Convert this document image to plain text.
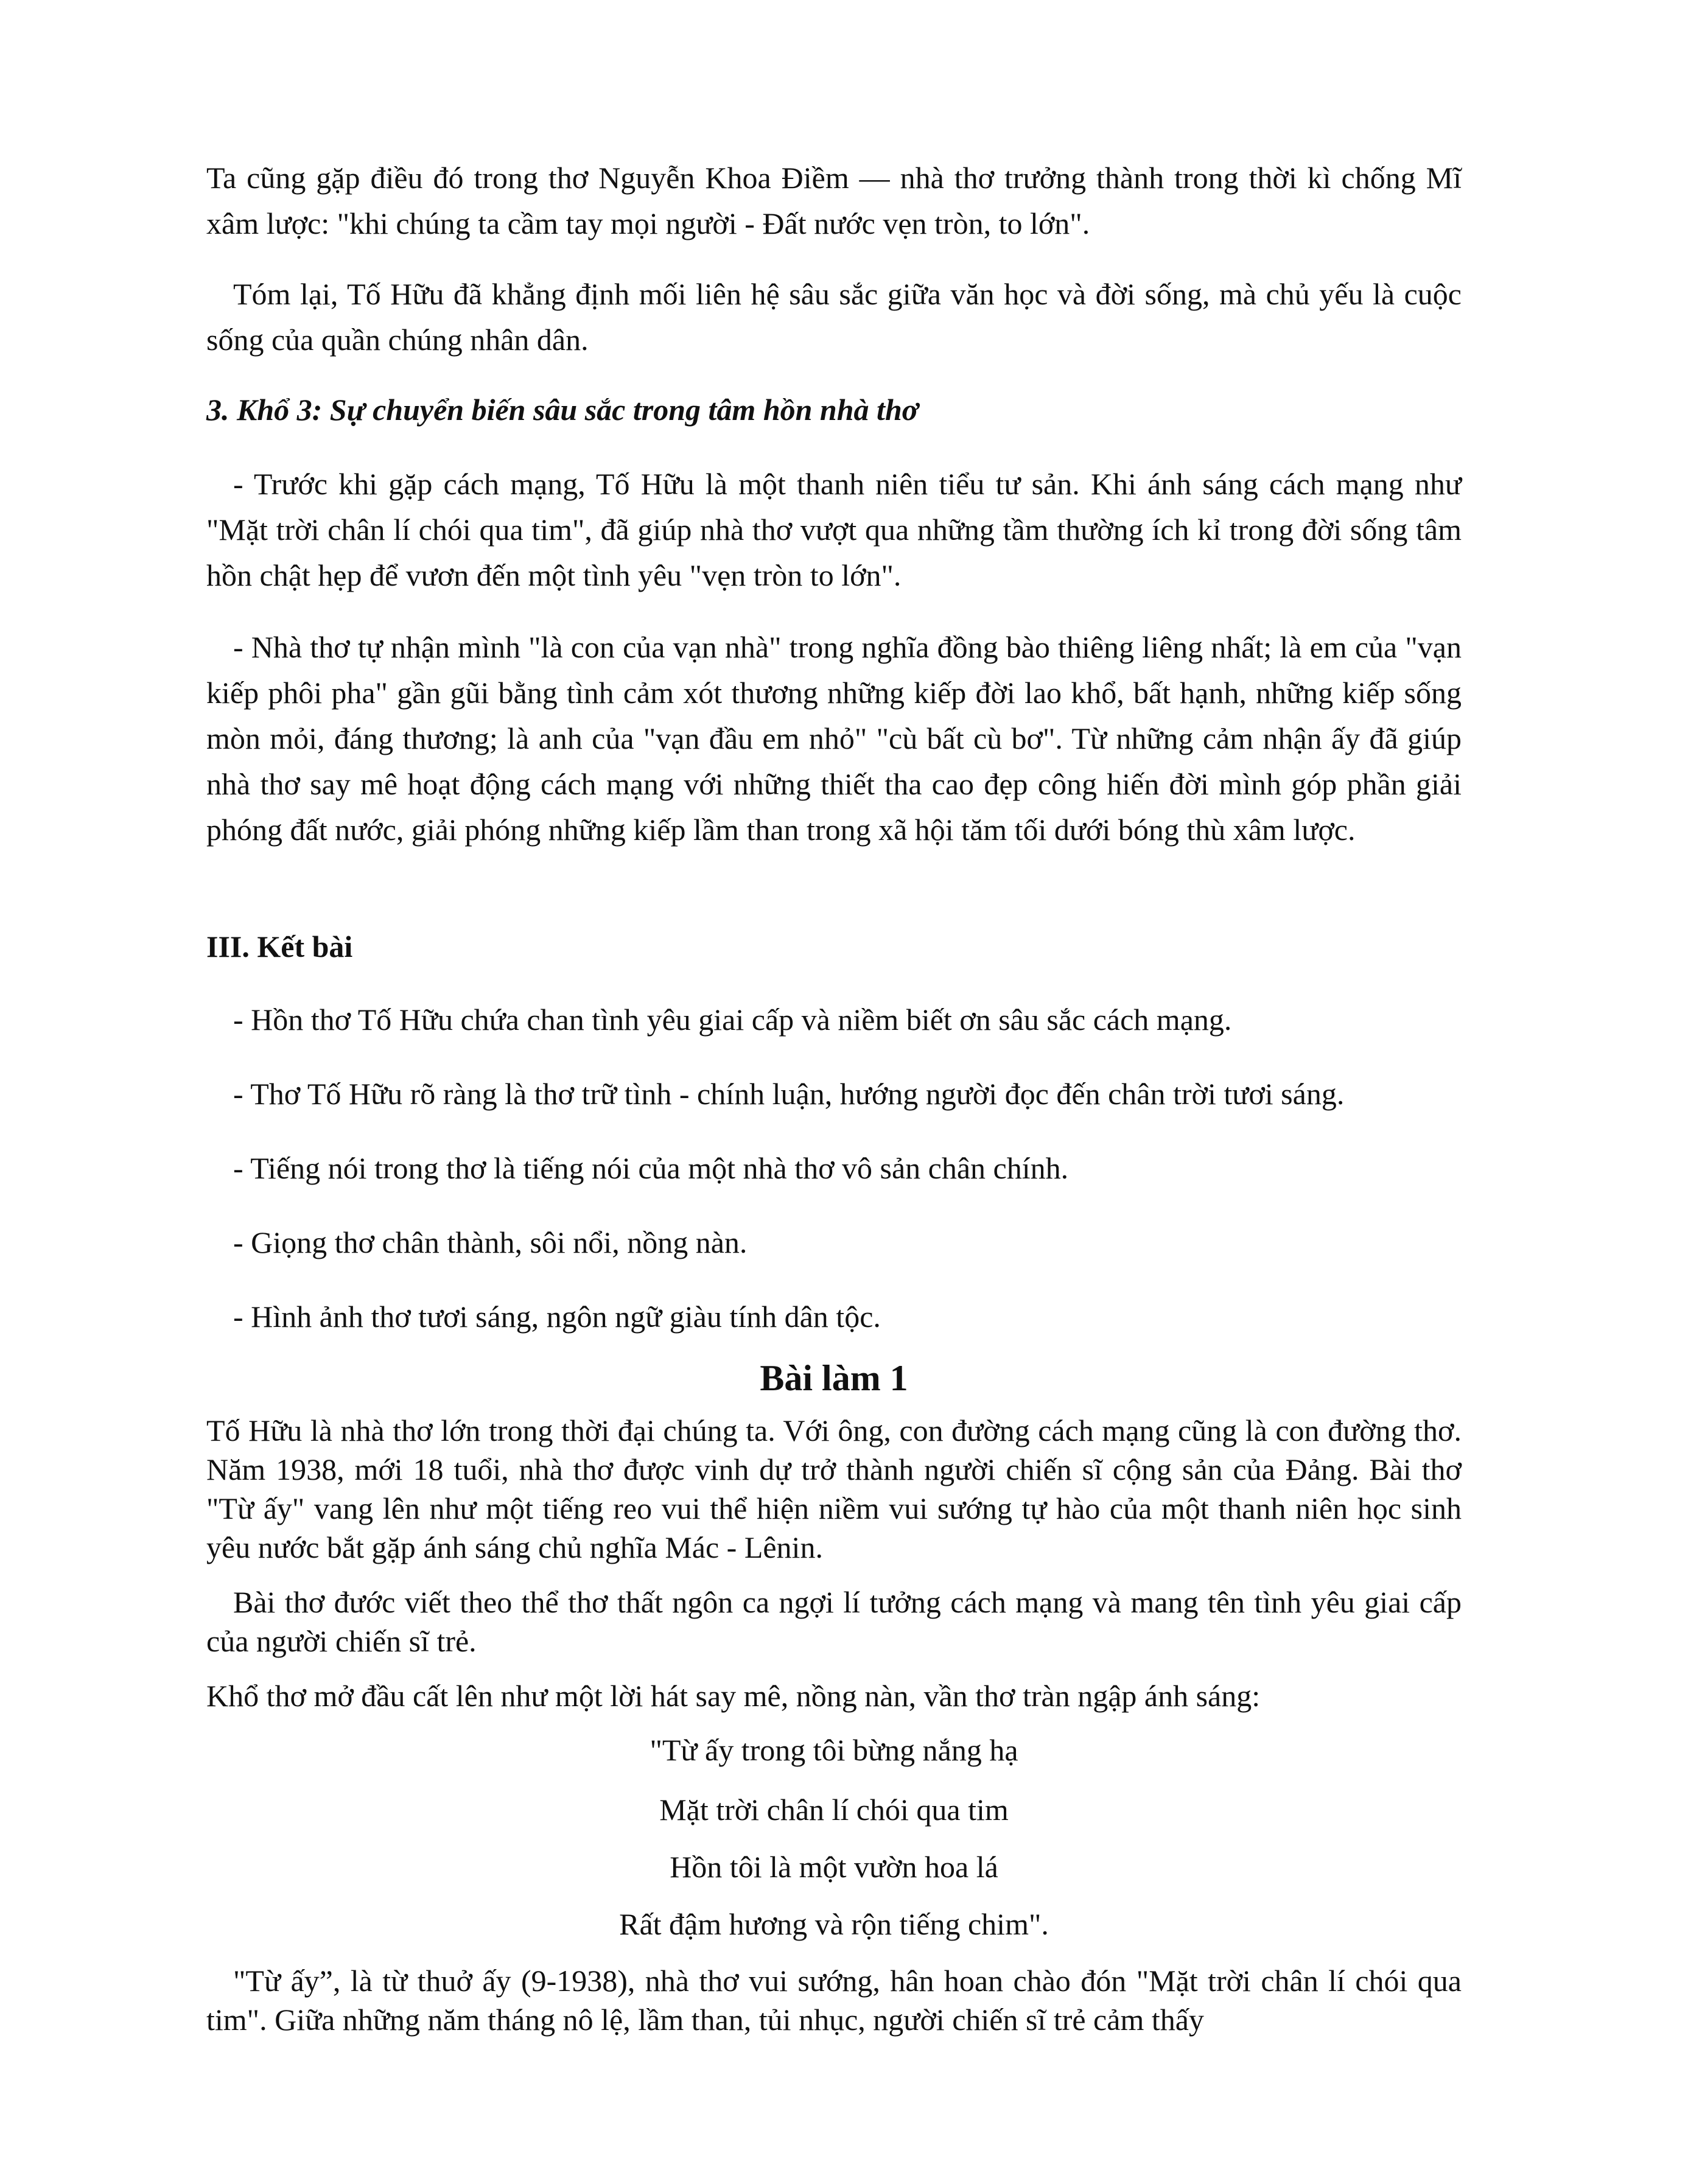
Ta cũng gặp điều đó trong thơ Nguyễn Khoa Điềm — nhà thơ trưởng thành trong thời kì chống Mĩ xâm lược: "khi chúng ta cầm tay mọi người - Đất nước vẹn tròn, to lớn".

Tóm lại, Tố Hữu đã khẳng định mối liên hệ sâu sắc giữa văn học và đời sống, mà chủ yếu là cuộc sống của quần chúng nhân dân.

3. Khổ 3: Sự chuyển biến sâu sắc trong tâm hồn nhà thơ

- Trước khi gặp cách mạng, Tố Hữu là một thanh niên tiểu tư sản. Khi ánh sáng cách mạng như "Mặt trời chân lí chói qua tim", đã giúp nhà thơ vượt qua những tầm thường ích kỉ trong đời sống tâm hồn chật hẹp để vươn đến một tình yêu "vẹn tròn to lớn".

- Nhà thơ tự nhận mình "là con của vạn nhà" trong nghĩa đồng bào thiêng liêng nhất; là em của "vạn kiếp phôi pha" gần gũi bằng tình cảm xót thương những kiếp đời lao khổ, bất hạnh, những kiếp sống mòn mỏi, đáng thương; là anh của "vạn đầu em nhỏ" "cù bất cù bơ". Từ những cảm nhận ấy đã giúp nhà thơ say mê hoạt động cách mạng với những thiết tha cao đẹp công hiến đời mình góp phần giải phóng đất nước, giải phóng những kiếp lầm than trong xã hội tăm tối dưới bóng thù xâm lược.

III. Kết bài

- Hồn thơ Tố Hữu chứa chan tình yêu giai cấp và niềm biết ơn sâu sắc cách mạng.

- Thơ Tố Hữu rõ ràng là thơ trữ tình - chính luận, hướng người đọc đến chân trời tươi sáng.

- Tiếng nói trong thơ là tiếng nói của một nhà thơ vô sản chân chính.

- Giọng thơ chân thành, sôi nổi, nồng nàn.

- Hình ảnh thơ tươi sáng, ngôn ngữ giàu tính dân tộc.

Bài làm 1

Tố Hữu là nhà thơ lớn trong thời đại chúng ta. Với ông, con đường cách mạng cũng là con đường thơ. Năm 1938, mới 18 tuổi, nhà thơ được vinh dự trở thành người chiến sĩ cộng sản của Đảng. Bài thơ "Từ ấy" vang lên như một tiếng reo vui thể hiện niềm vui sướng tự hào của một thanh niên học sinh yêu nước bắt gặp ánh sáng chủ nghĩa Mác - Lênin.

Bài thơ đước viết theo thể thơ thất ngôn ca ngợi lí tưởng cách mạng và mang tên tình yêu giai cấp của người chiến sĩ trẻ.

Khổ thơ mở đầu cất lên như một lời hát say mê, nồng nàn, vần thơ tràn ngập ánh sáng:

"Từ ấy trong tôi bừng nắng hạ

Mặt trời chân lí chói qua tim

Hồn tôi là một vườn hoa lá

Rất đậm hương và rộn tiếng chim".

"Từ ấy”, là từ thuở ấy (9-1938), nhà thơ vui sướng, hân hoan chào đón "Mặt trời chân lí chói qua tim". Giữa những năm tháng nô lệ, lầm than, tủi nhục, người chiến sĩ trẻ cảm thấy
